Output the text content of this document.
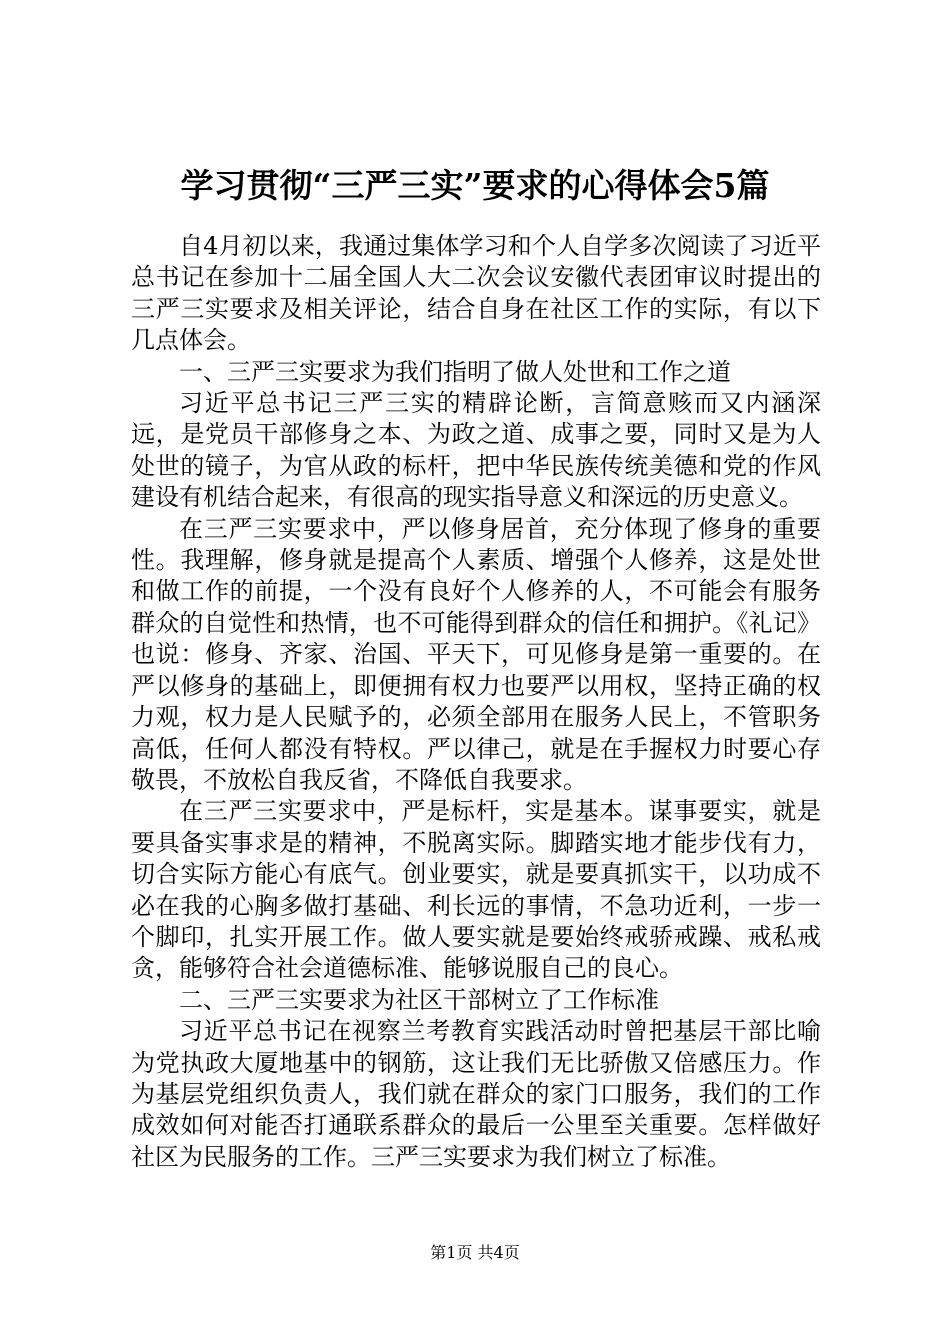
学习贯彻“三严三实”要求的心得体会5篇

自4月初以来，我通过集体学习和个人自学多次阅读了习近平总书记在参加十二届全国人大二次会议安徽代表团审议时提出的三严三实要求及相关评论，结合自身在社区工作的实际，有以下几点体会。

一、三严三实要求为我们指明了做人处世和工作之道

习近平总书记三严三实的精辟论断，言简意赅而又内涵深远，是党员干部修身之本、为政之道、成事之要，同时又是为人处世的镜子，为官从政的标杆，把中华民族传统美德和党的作风建设有机结合起来，有很高的现实指导意义和深远的历史意义。

在三严三实要求中，严以修身居首，充分体现了修身的重要性。我理解，修身就是提高个人素质、增强个人修养，这是处世和做工作的前提，一个没有良好个人修养的人，不可能会有服务群众的自觉性和热情，也不可能得到群众的信任和拥护。《礼记》也说：修身、齐家、治国、平天下，可见修身是第一重要的。在严以修身的基础上，即便拥有权力也要严以用权，坚持正确的权力观，权力是人民赋予的，必须全部用在服务人民上，不管职务高低，任何人都没有特权。严以律己，就是在手握权力时要心存敬畏，不放松自我反省，不降低自我要求。

在三严三实要求中，严是标杆，实是基本。谋事要实，就是要具备实事求是的精神，不脱离实际。脚踏实地才能步伐有力，切合实际方能心有底气。创业要实，就是要真抓实干，以功成不必在我的心胸多做打基础、利长远的事情，不急功近利，一步一个脚印，扎实开展工作。做人要实就是要始终戒骄戒躁、戒私戒贪，能够符合社会道德标准、能够说服自己的良心。

二、三严三实要求为社区干部树立了工作标准

习近平总书记在视察兰考教育实践活动时曾把基层干部比喻为党执政大厦地基中的钢筋，这让我们无比骄傲又倍感压力。作为基层党组织负责人，我们就在群众的家门口服务，我们的工作成效如何对能否打通联系群众的最后一公里至关重要。怎样做好社区为民服务的工作。三严三实要求为我们树立了标准。

第1页 共4页
